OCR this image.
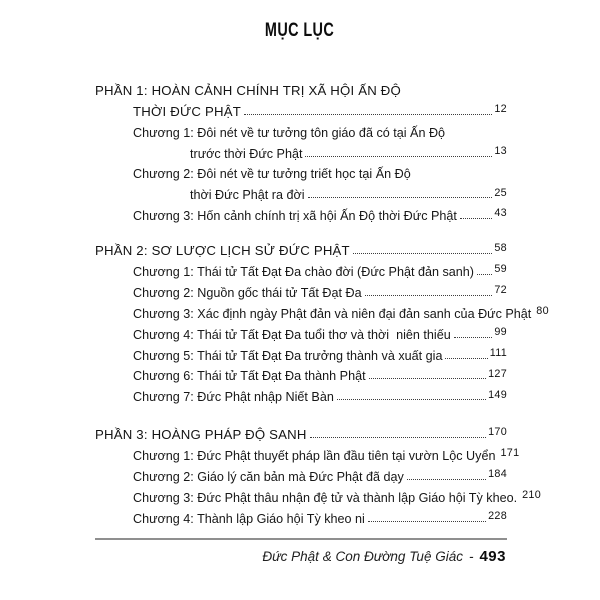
MỤC LỤC
PHẦN 1: HOÀN CẢNH CHÍNH TRỊ XÃ HỘI ẤN ĐỘ
THỜI ĐỨC PHẬT	12
Chương 1: Đôi nét về tư tưởng tôn giáo đã có tại Ấn Độ
trước thời Đức Phật	13
Chương 2: Đôi nét về tư tưởng triết học tại Ấn Độ
thời Đức Phật ra đời	25
Chương 3: Hốn cảnh chính trị xã hội Ấn Độ thời Đức Phật	43
PHẦN 2: SƠ LƯỢC LỊCH SỬ ĐỨC PHẬT	58
Chương 1: Thái tử Tất Đạt Đa chào đời (Đức Phật đản sanh) 59
Chương 2: Nguồn gốc thái tử Tất Đạt Đa	72
Chương 3: Xác định ngày Phật đản và niên đại đản sanh của Đức Phật 80
Chương 4: Thái tử Tất Đạt Đa tuổi thơ và thời  niên thiếu	99
Chương 5: Thái tử Tất Đạt Đa trưởng thành và xuất gia	111
Chương 6: Thái tử Tất Đạt Đa thành Phật	127
Chương 7: Đức Phật nhập Niết Bàn	149
PHẦN 3: HOÀNG PHÁP ĐỘ SANH	170
Chương 1: Đức Phật thuyết pháp lần đầu tiên tại vườn Lộc Uyển 171
Chương 2: Giáo lý căn bản mà Đức Phật đã dạy	184
Chương 3: Đức Phật thâu nhận đệ tử và thành lập Giáo hội Tỳ kheo. 210
Chương 4: Thành lập Giáo hội Tỳ kheo ni	228
Đức Phật & Con Đường Tuệ Giác - 493
